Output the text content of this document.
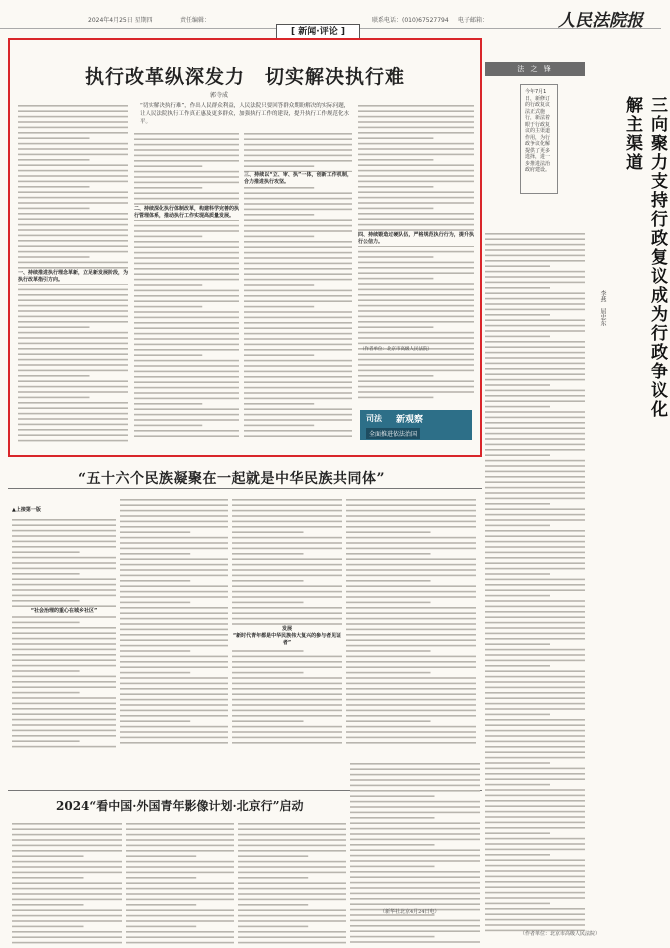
2024年4月25日 星期四	责任编辑：	联系电话：(010)67527794 电子邮箱：	人民法院报
[ 新闻·评论 ]
执行改革纵深发力　切实解决执行难
郭寺成
“切实解决执行难”，作出人民群众利益，人民法院只要回答群众期盼解决的实际问题，让人民法院执行工作真正惠及更多群众，加强执行工作的建设，提升执行工作规范化水平。
一、持续推进执行理念革新，立足新发展阶段，为执行改革指引方向。
二、持续深化执行体制改革，构建科学完善的执行管理体系，推动执行工作实现高质量发展。
三、持续以“立、审、执”一体，创新工作机制，合力推进执行攻坚。
四、持续锻造过硬队伍，严格规范执行行为，提升执行公信力。
（作者单位：北京市高级人民法院）
司法 新观察
全面推进依法治国
法 之 锋
今年7月1日，新修订的行政复议法正式施行，新法着眼于行政复议的主渠道作用，为行政争议化解提供了更多选择，进一步推进法治政府建设。	三向聚力支持行政复议成为行政争议化解主渠道
李燕　屈忠东
“五十六个民族凝聚在一起就是中华民族共同体”
▲上接第一版
“社会治理的重心在城乡社区”
发展
“新时代青年都是中华民族伟大复兴的参与者见证者”
2024“看中国·外国青年影像计划·北京行”启动
（新华社北京4月24日电）
（作者单位：北京市高级人民法院）
